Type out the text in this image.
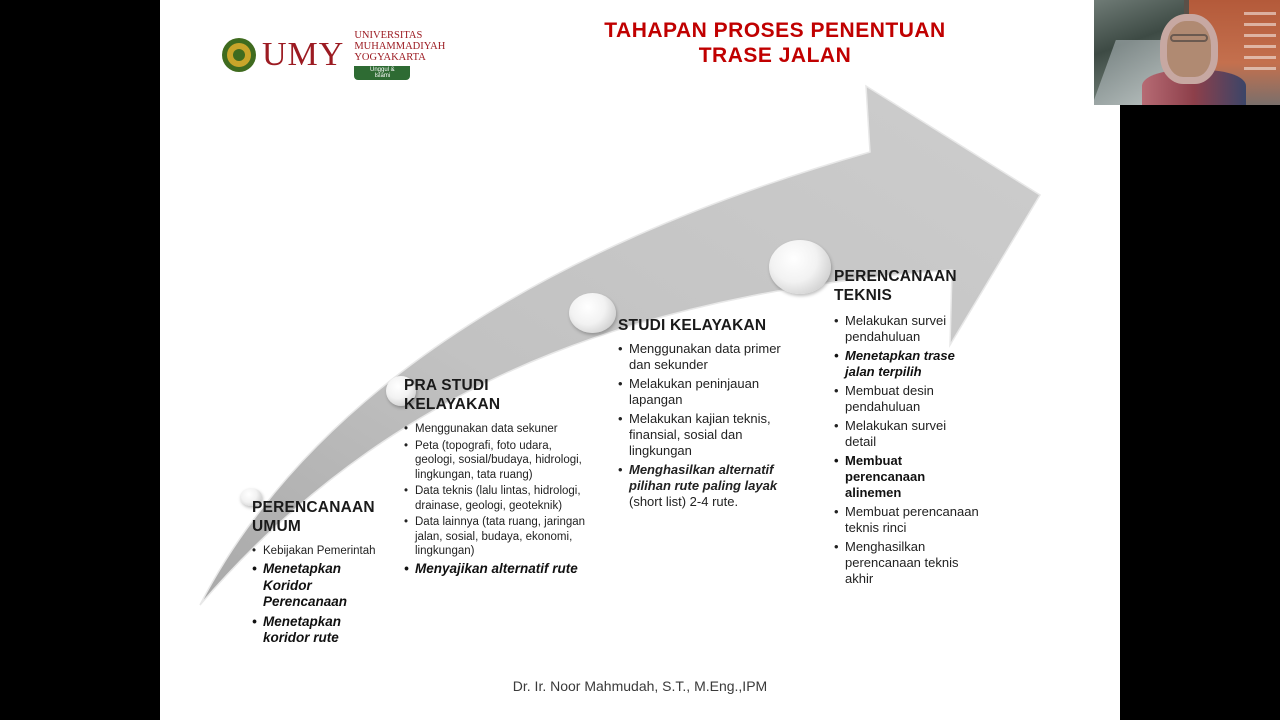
UMY
UNIVERSITAS
MUHAMMADIYAH
YOGYAKARTA
Unggul & Islami
TAHAPAN PROSES PENENTUAN
TRASE JALAN
PERENCANAAN
UMUM
• Kebijakan Pemerintah
• Menetapkan Koridor Perencanaan
• Menetapkan koridor rute
PRA STUDI
KELAYAKAN
• Menggunakan data sekuner
• Peta (topografi, foto udara, geologi, sosial/budaya, hidrologi, lingkungan, tata ruang)
• Data teknis (lalu lintas, hidrologi, drainase, geologi, geoteknik)
• Data lainnya (tata ruang, jaringan jalan, sosial, budaya, ekonomi, lingkungan)
• Menyajikan alternatif rute
STUDI KELAYAKAN
• Menggunakan data primer dan sekunder
• Melakukan peninjauan lapangan
• Melakukan kajian teknis, finansial, sosial dan lingkungan
• Menghasilkan alternatif pilihan rute paling layak (short list) 2-4 rute.
PERENCANAAN
TEKNIS
• Melakukan survei pendahuluan
• Menetapkan trase jalan terpilih
• Membuat desin pendahuluan
• Melakukan survei detail
• Membuat perencanaan alinemen
• Membuat perencanaan teknis rinci
• Menghasilkan perencanaan teknis akhir
Dr. Ir. Noor Mahmudah, S.T., M.Eng.,IPM
